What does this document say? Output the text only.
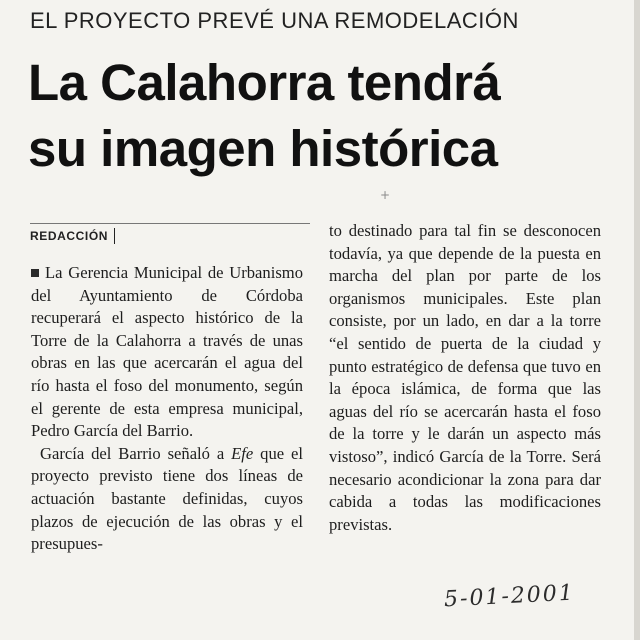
EL PROYECTO PREVÉ UNA REMODELACIÓN
La Calahorra tendrá
su imagen histórica
+
REDACCIÓN

La Gerencia Municipal de Urbanismo del Ayuntamiento de Córdoba recuperará el aspecto histórico de la Torre de la Calahorra a través de unas obras en las que acercarán el agua del río hasta el foso del monumento, según el gerente de esta empresa municipal, Pedro García del Barrio.

García del Barrio señaló a Efe que el proyecto previsto tiene dos líneas de actuación bastante definidas, cuyos plazos de ejecución de las obras y el presupues-

to destinado para tal fin se desconocen todavía, ya que depende de la puesta en marcha del plan por parte de los organismos municipales. Este plan consiste, por un lado, en dar a la torre “el sentido de puerta de la ciudad y punto estratégico de defensa que tuvo en la época islámica, de forma que las aguas del río se acercarán hasta el foso de la torre y le darán un aspecto más vistoso”, indicó García de la Torre. Será necesario acondicionar la zona para dar cabida a todas las modificaciones previstas.

5-01-2001
